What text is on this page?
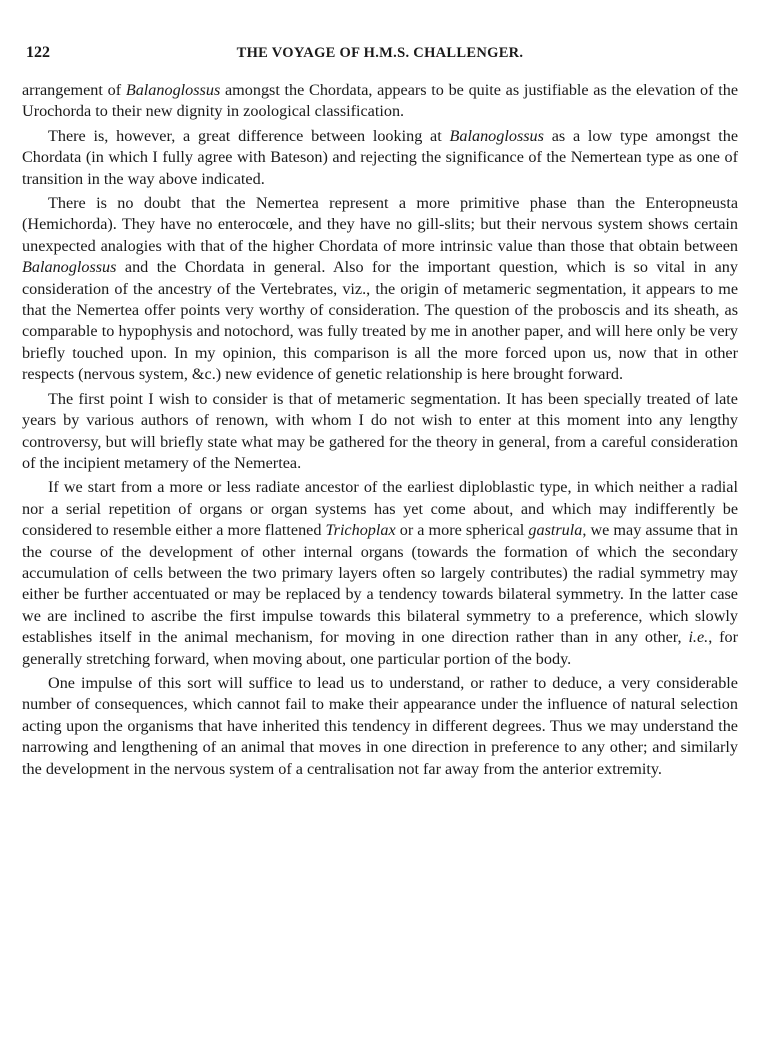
122	THE VOYAGE OF H.M.S. CHALLENGER.

arrangement of Balanoglossus amongst the Chordata, appears to be quite as justifiable as the elevation of the Urochorda to their new dignity in zoological classification.

There is, however, a great difference between looking at Balanoglossus as a low type amongst the Chordata (in which I fully agree with Bateson) and rejecting the significance of the Nemertean type as one of transition in the way above indicated.

There is no doubt that the Nemertea represent a more primitive phase than the Enteropneusta (Hemichorda). They have no enterocœle, and they have no gill-slits; but their nervous system shows certain unexpected analogies with that of the higher Chordata of more intrinsic value than those that obtain between Balanoglossus and the Chordata in general. Also for the important question, which is so vital in any consideration of the ancestry of the Vertebrates, viz., the origin of metameric segmentation, it appears to me that the Nemertea offer points very worthy of consideration. The question of the proboscis and its sheath, as comparable to hypophysis and notochord, was fully treated by me in another paper, and will here only be very briefly touched upon. In my opinion, this comparison is all the more forced upon us, now that in other respects (nervous system, &c.) new evidence of genetic relationship is here brought forward.

The first point I wish to consider is that of metameric segmentation. It has been specially treated of late years by various authors of renown, with whom I do not wish to enter at this moment into any lengthy controversy, but will briefly state what may be gathered for the theory in general, from a careful consideration of the incipient metamery of the Nemertea.

If we start from a more or less radiate ancestor of the earliest diploblastic type, in which neither a radial nor a serial repetition of organs or organ systems has yet come about, and which may indifferently be considered to resemble either a more flattened Trichoplax or a more spherical gastrula, we may assume that in the course of the development of other internal organs (towards the formation of which the secondary accumulation of cells between the two primary layers often so largely contributes) the radial symmetry may either be further accentuated or may be replaced by a tendency towards bilateral symmetry. In the latter case we are inclined to ascribe the first impulse towards this bilateral symmetry to a preference, which slowly establishes itself in the animal mechanism, for moving in one direction rather than in any other, i.e., for generally stretching forward, when moving about, one particular portion of the body.

One impulse of this sort will suffice to lead us to understand, or rather to deduce, a very considerable number of consequences, which cannot fail to make their appearance under the influence of natural selection acting upon the organisms that have inherited this tendency in different degrees. Thus we may understand the narrowing and lengthening of an animal that moves in one direction in preference to any other; and similarly the development in the nervous system of a centralisation not far away from the anterior extremity.
